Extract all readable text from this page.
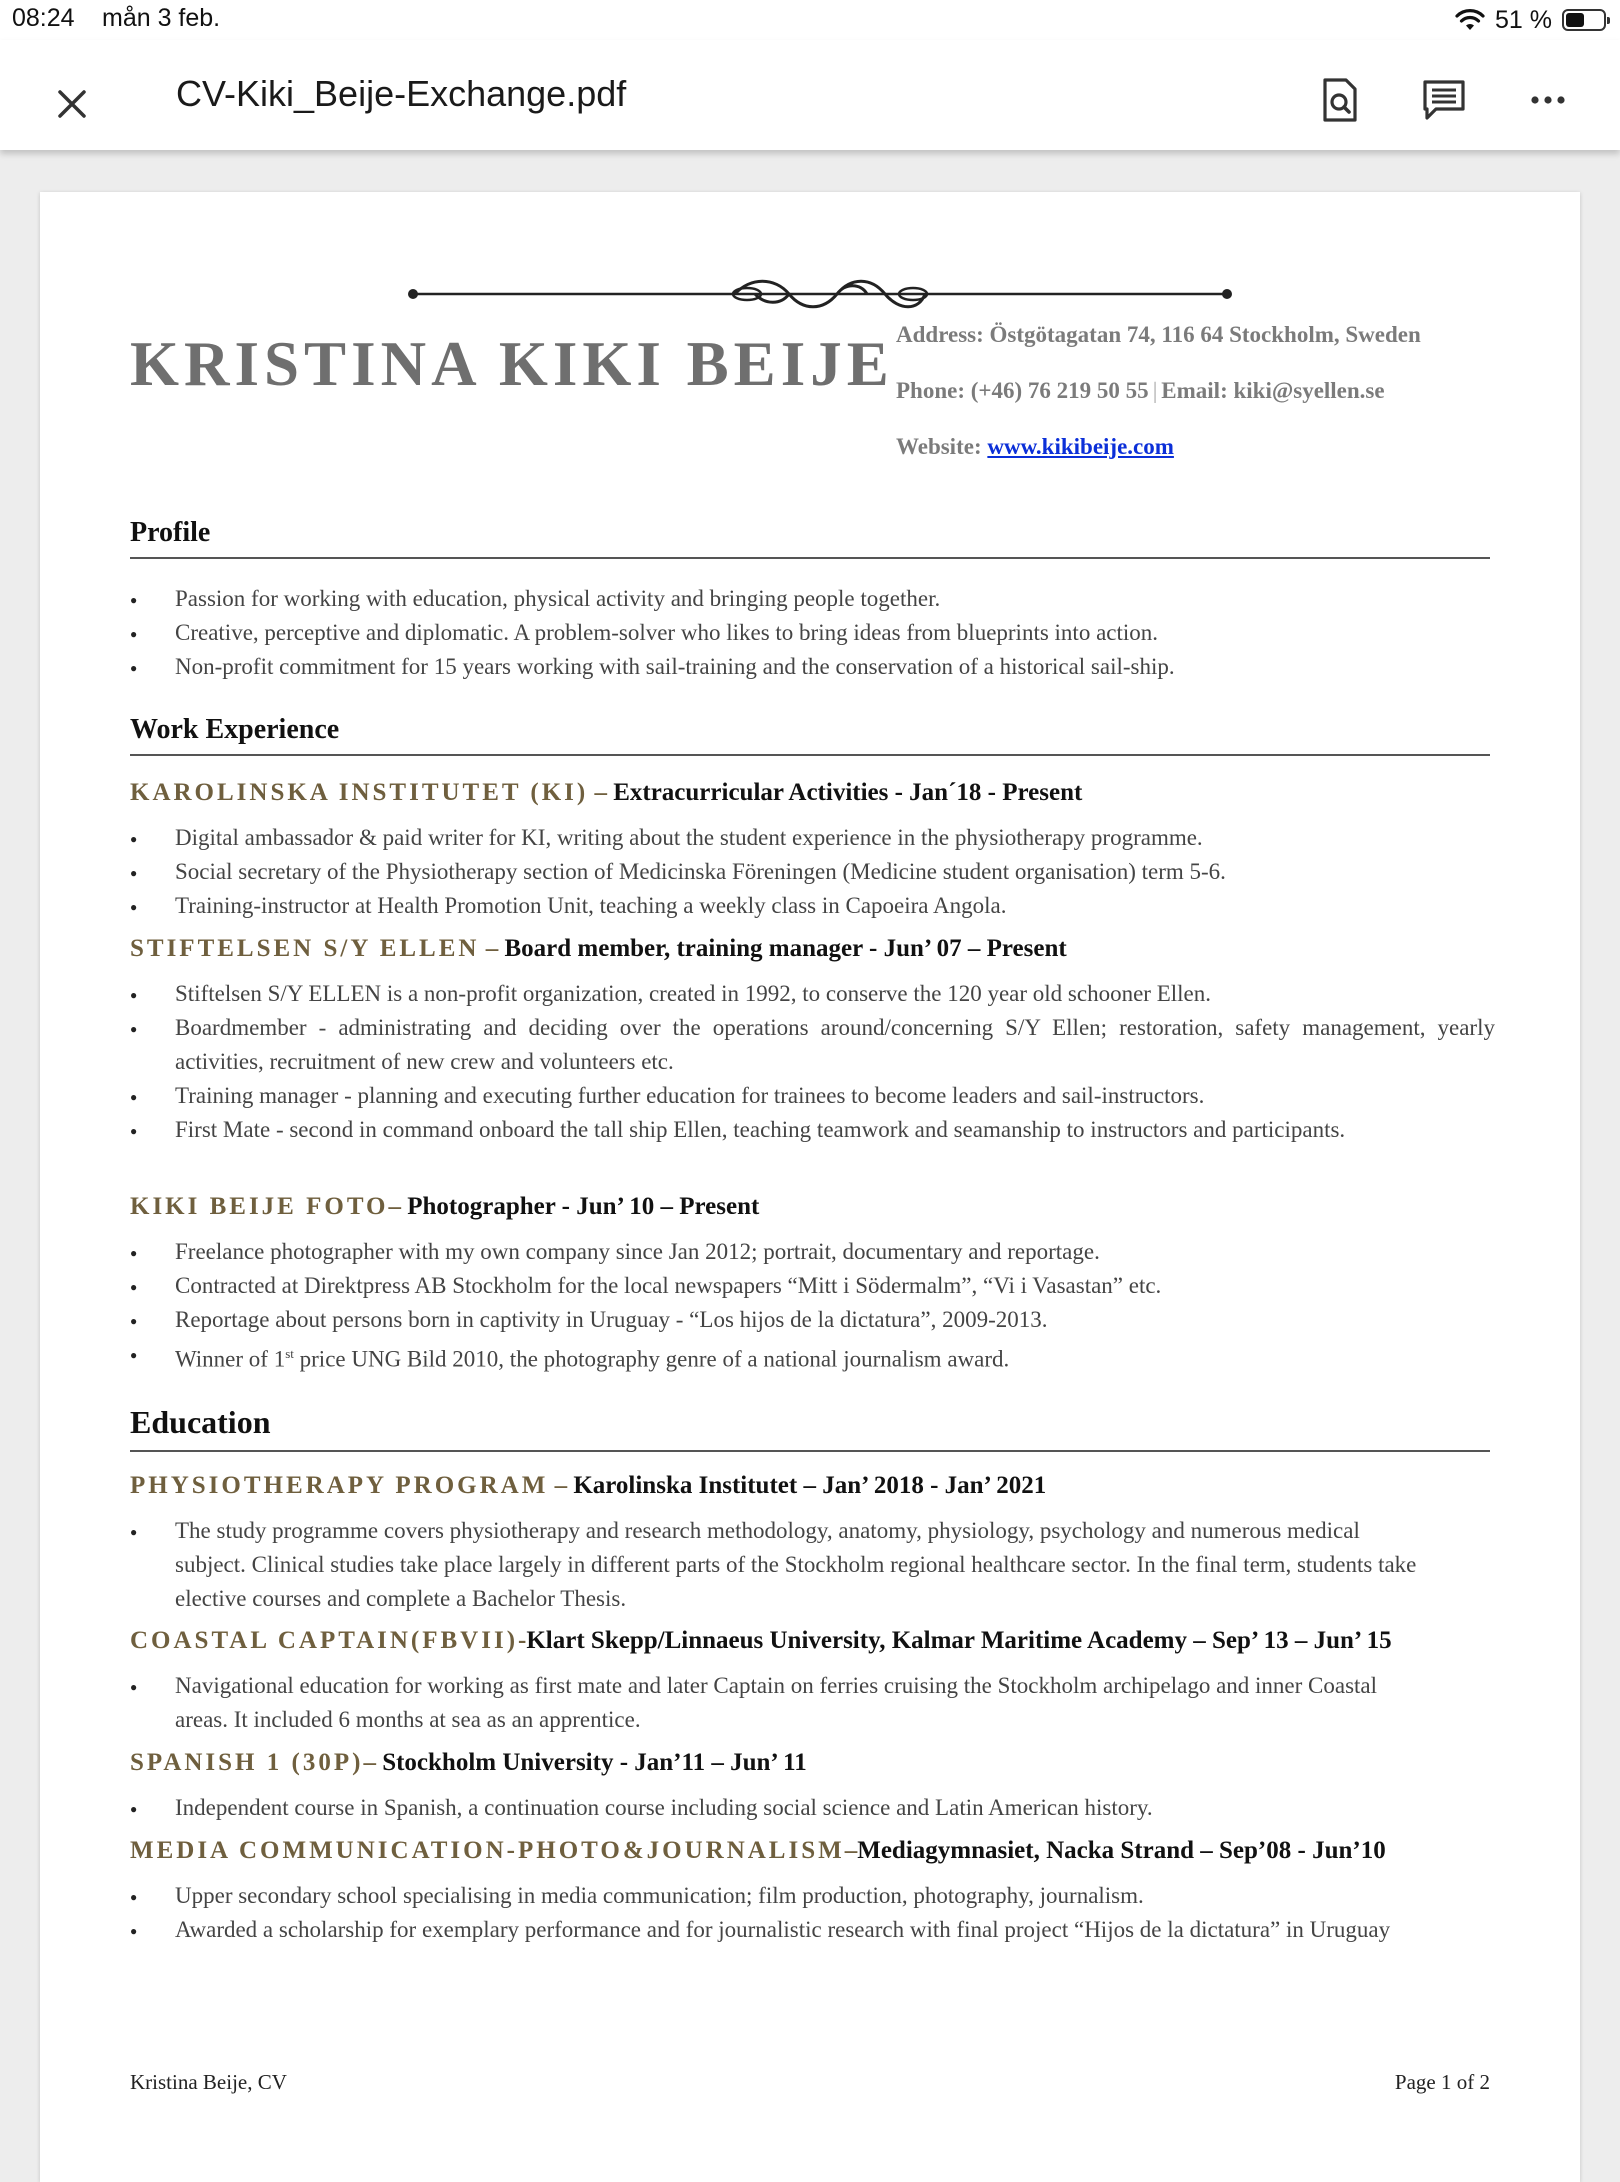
08:24 mån 3 feb.	51 %
CV-Kiki_Beije-Exchange.pdf
KRISTINA KIKI BEIJE Address: Östgötagatan 74, 116 64 Stockholm, Sweden
Phone: (+46) 76 219 50 55 | Email: kiki@syellen.se
Website: www.kikibeije.com
Profile
● Passion for working with education, physical activity and bringing people together.
● Creative, perceptive and diplomatic. A problem-solver who likes to bring ideas from blueprints into action.
● Non-profit commitment for 15 years working with sail-training and the conservation of a historical sail-ship.
Work Experience
KAROLINSKA INSTITUTET (KI) – Extracurricular Activities - Jan´18 - Present
● Digital ambassador & paid writer for KI, writing about the student experience in the physiotherapy programme.
● Social secretary of the Physiotherapy section of Medicinska Föreningen (Medicine student organisation) term 5-6.
● Training-instructor at Health Promotion Unit, teaching a weekly class in Capoeira Angola.
STIFTELSEN S/Y ELLEN – Board member, training manager - Jun’ 07 – Present
● Stiftelsen S/Y ELLEN is a non-profit organization, created in 1992, to conserve the 120 year old schooner Ellen.
● Boardmember - administrating and deciding over the operations around/concerning S/Y Ellen; restoration, safety management, yearly activities, recruitment of new crew and volunteers etc.
● Training manager - planning and executing further education for trainees to become leaders and sail-instructors.
● First Mate - second in command onboard the tall ship Ellen, teaching teamwork and seamanship to instructors and participants.
KIKI BEIJE FOTO– Photographer - Jun’ 10 – Present
● Freelance photographer with my own company since Jan 2012; portrait, documentary and reportage.
● Contracted at Direktpress AB Stockholm for the local newspapers “Mitt i Södermalm”, “Vi i Vasastan” etc.
● Reportage about persons born in captivity in Uruguay - “Los hijos de la dictatura”, 2009-2013.
● Winner of 1st price UNG Bild 2010, the photography genre of a national journalism award.
Education
PHYSIOTHERAPY PROGRAM – Karolinska Institutet – Jan’ 2018 - Jan’ 2021
● The study programme covers physiotherapy and research methodology, anatomy, physiology, psychology and numerous medical subject. Clinical studies take place largely in different parts of the Stockholm regional healthcare sector. In the final term, students take elective courses and complete a Bachelor Thesis.
COASTAL CAPTAIN(FBVII)-Klart Skepp/Linnaeus University, Kalmar Maritime Academy – Sep’ 13 – Jun’ 15
● Navigational education for working as first mate and later Captain on ferries cruising the Stockholm archipelago and inner Coastal areas. It included 6 months at sea as an apprentice.
SPANISH 1 (30P)– Stockholm University - Jan’11 – Jun’ 11
● Independent course in Spanish, a continuation course including social science and Latin American history.
MEDIA COMMUNICATION-PHOTO&JOURNALISM–Mediagymnasiet, Nacka Strand – Sep’08 - Jun’10
● Upper secondary school specialising in media communication; film production, photography, journalism.
● Awarded a scholarship for exemplary performance and for journalistic research with final project “Hijos de la dictatura” in Uruguay
Kristina Beije, CV	Page 1 of 2
